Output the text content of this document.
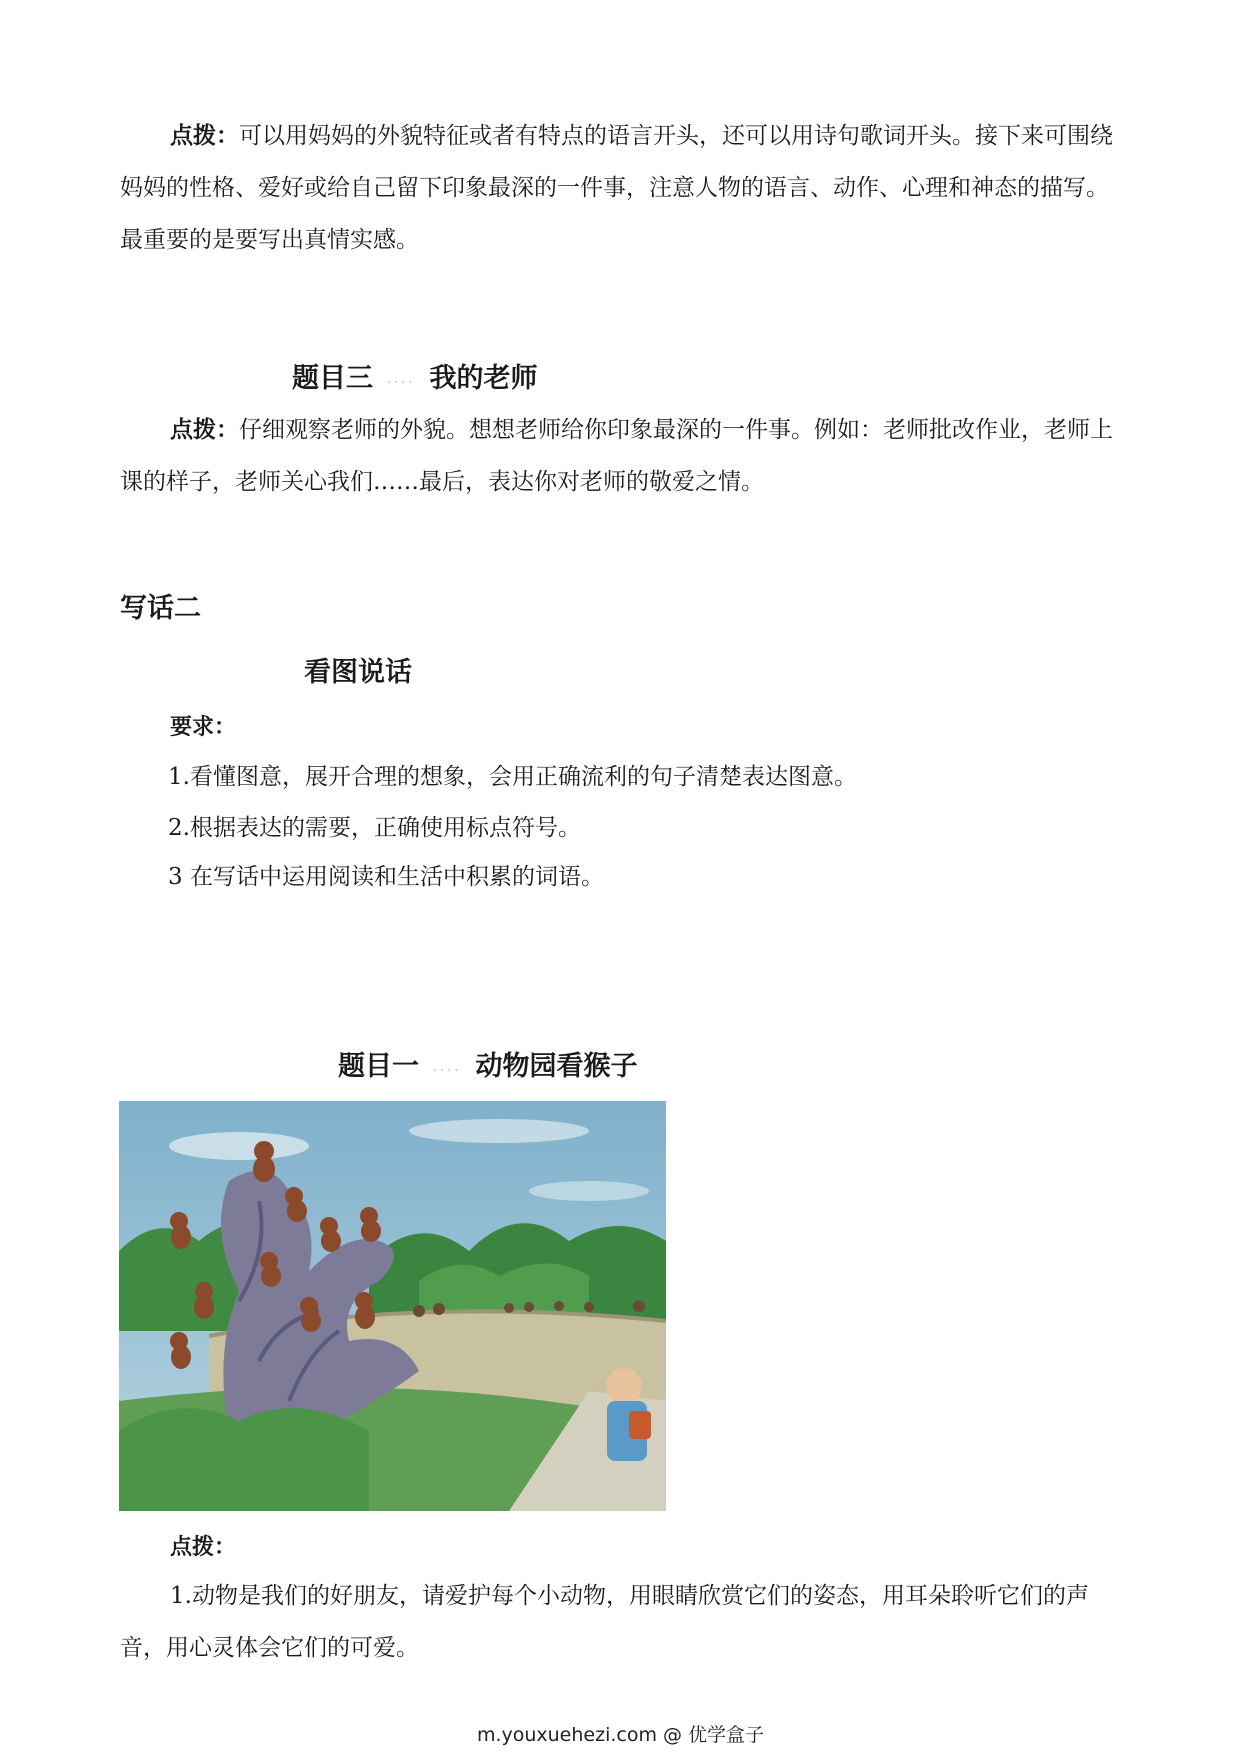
点拨：可以用妈妈的外貌特征或者有特点的语言开头，还可以用诗句歌词开头。接下来可围绕妈妈的性格、爱好或给自己留下印象最深的一件事，注意人物的语言、动作、心理和神态的描写。最重要的是要写出真情实感。
题目三 .... 我的老师
点拨：仔细观察老师的外貌。想想老师给你印象最深的一件事。例如：老师批改作业，老师上课的样子，老师关心我们……最后，表达你对老师的敬爱之情。
写话二
看图说话
要求：
1.看懂图意，展开合理的想象，会用正确流利的句子清楚表达图意。
2.根据表达的需要，正确使用标点符号。
3 在写话中运用阅读和生活中积累的词语。
题目一 .... 动物园看猴子
点拨：
1.动物是我们的好朋友，请爱护每个小动物，用眼睛欣赏它们的姿态，用耳朵聆听它们的声音，用心灵体会它们的可爱。
m.youxuehezi.com @ 优学盒子
